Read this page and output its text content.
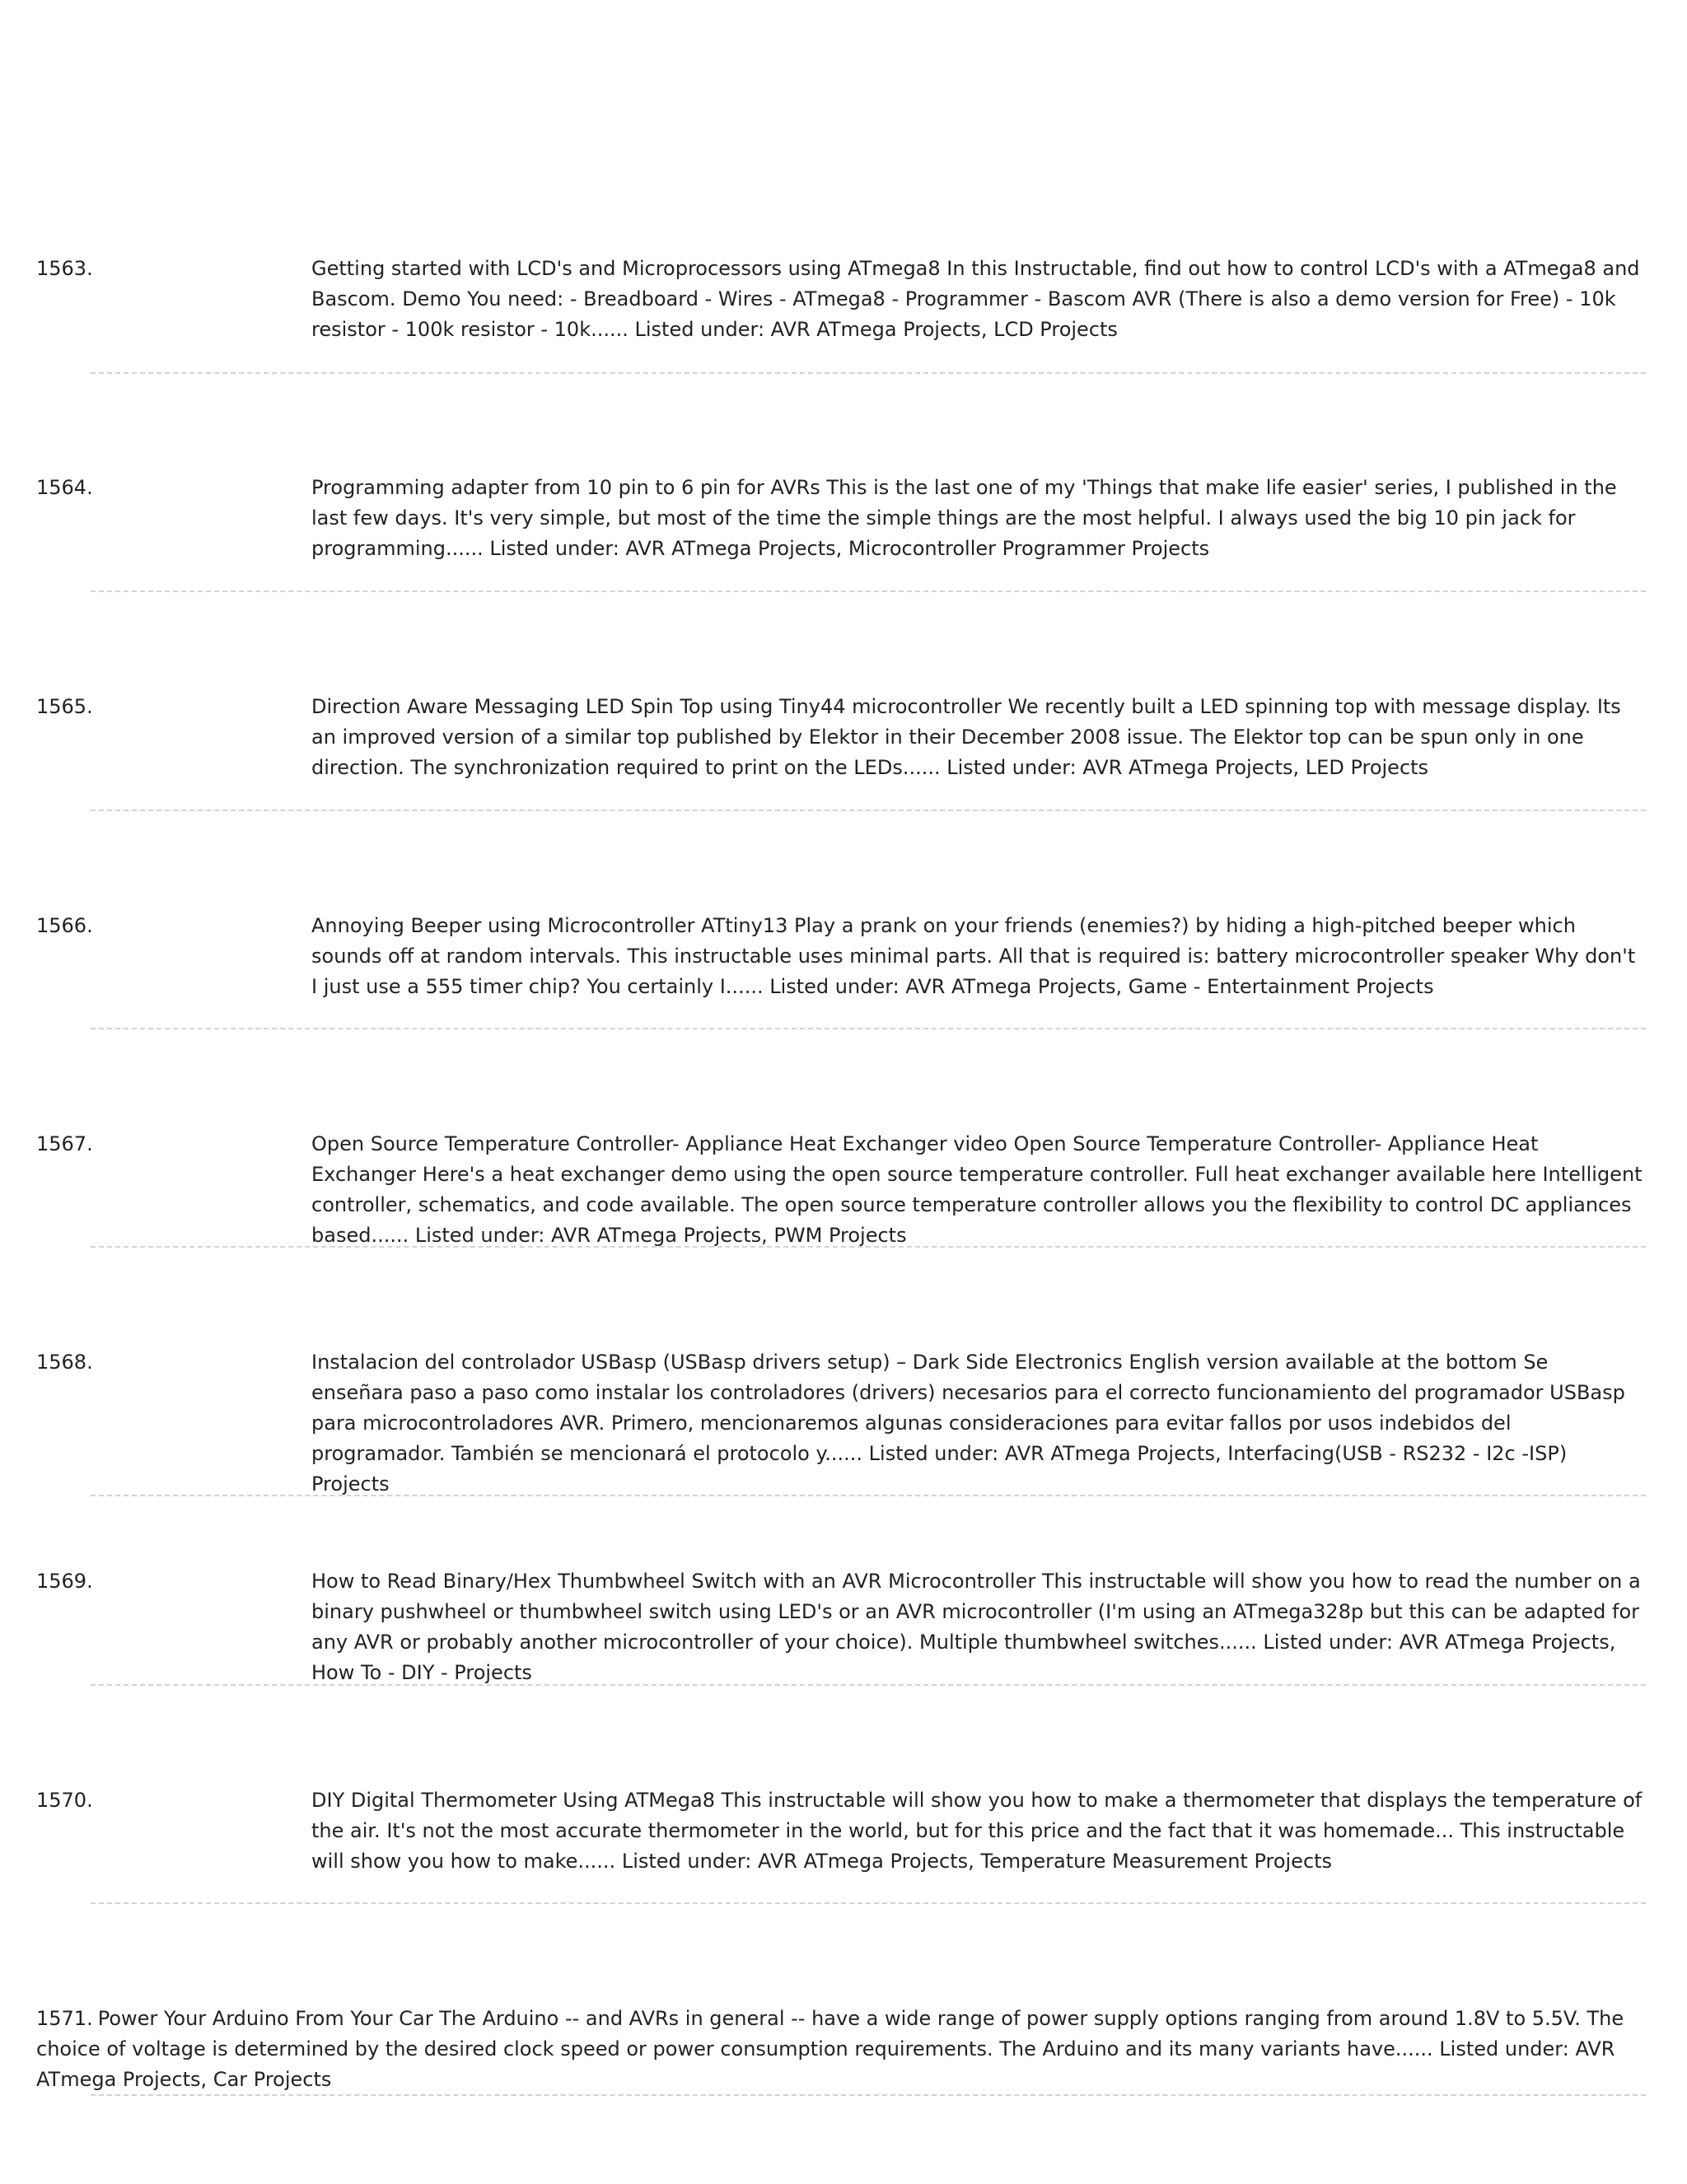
1563.	Getting started with LCD's and Microprocessors using ATmega8 In this Instructable, find out how to control LCD's with a ATmega8 and Bascom. Demo You need: - Breadboard - Wires - ATmega8 - Programmer - Bascom AVR (There is also a demo version for Free) - 10k resistor - 100k resistor - 10k...... Listed under: AVR ATmega Projects, LCD Projects
1564.	Programming adapter from 10 pin to 6 pin for AVRs This is the last one of my 'Things that make life easier' series, I published in the last few days. It's very simple, but most of the time the simple things are the most helpful. I always used the big 10 pin jack for programming...... Listed under: AVR ATmega Projects, Microcontroller Programmer Projects
1565.	Direction Aware Messaging LED Spin Top using Tiny44 microcontroller We recently built a LED spinning top with message display. Its an improved version of a similar top published by Elektor in their December 2008 issue. The Elektor top can be spun only in one direction. The synchronization required to print on the LEDs...... Listed under: AVR ATmega Projects, LED Projects
1566.	Annoying Beeper using Microcontroller ATtiny13 Play a prank on your friends (enemies?) by hiding a high-pitched beeper which sounds off at random intervals. This instructable uses minimal parts. All that is required is: battery microcontroller speaker Why don't I just use a 555 timer chip? You certainly I...... Listed under: AVR ATmega Projects, Game - Entertainment Projects
1567.	Open Source Temperature Controller- Appliance Heat Exchanger video Open Source Temperature Controller- Appliance Heat Exchanger Here's a heat exchanger demo using the open source temperature controller. Full heat exchanger available here Intelligent controller, schematics, and code available. The open source temperature controller allows you the flexibility to control DC appliances based...... Listed under: AVR ATmega Projects, PWM Projects
1568.	Instalacion del controlador USBasp (USBasp drivers setup) – Dark Side Electronics English version available at the bottom Se enseñara paso a paso como instalar los controladores (drivers) necesarios para el correcto funcionamiento del programador USBasp para microcontroladores AVR. Primero, mencionaremos algunas consideraciones para evitar fallos por usos indebidos del programador. También se mencionará el protocolo y...... Listed under: AVR ATmega Projects, Interfacing(USB - RS232 - I2c -ISP) Projects
1569.	How to Read Binary/Hex Thumbwheel Switch with an AVR Microcontroller This instructable will show you how to read the number on a binary pushwheel or thumbwheel switch using LED's or an AVR microcontroller (I'm using an ATmega328p but this can be adapted for any AVR or probably another microcontroller of your choice). Multiple thumbwheel switches...... Listed under: AVR ATmega Projects, How To - DIY - Projects
1570.	DIY Digital Thermometer Using ATMega8 This instructable will show you how to make a thermometer that displays the temperature of the air. It's not the most accurate thermometer in the world, but for this price and the fact that it was homemade... This instructable will show you how to make...... Listed under: AVR ATmega Projects, Temperature Measurement Projects
1571. Power Your Arduino From Your Car The Arduino -- and AVRs in general -- have a wide range of power supply options ranging from around 1.8V to 5.5V. The choice of voltage is determined by the desired clock speed or power consumption requirements. The Arduino and its many variants have...... Listed under: AVR ATmega Projects, Car Projects
